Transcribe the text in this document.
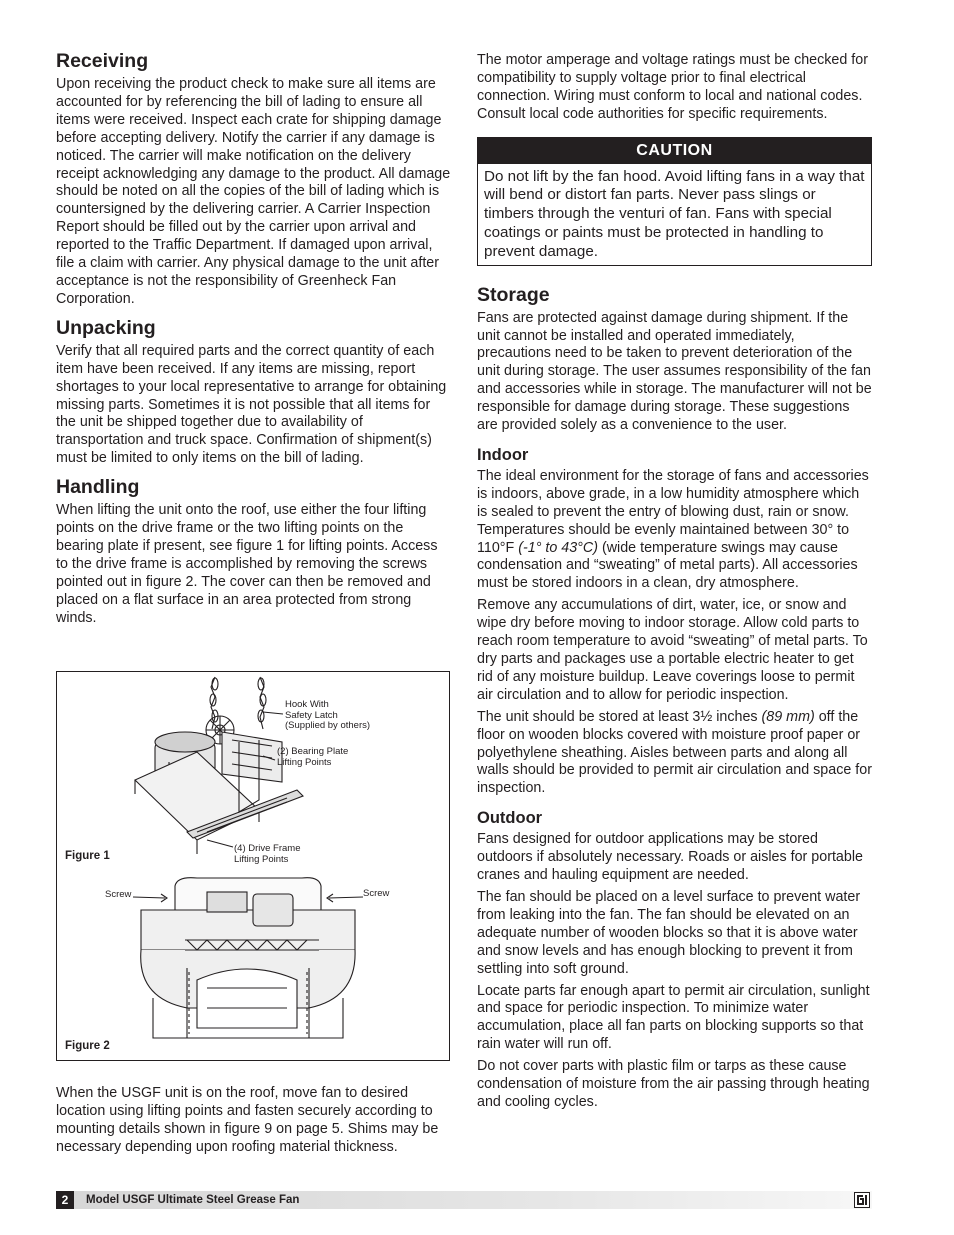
Receiving

Upon receiving the product check to make sure all items are accounted for by referencing the bill of lading to ensure all items were received. Inspect each crate for shipping damage before accepting delivery. Notify the carrier if any damage is noticed. The carrier will make notification on the delivery receipt acknowledging any damage to the product. All damage should be noted on all the copies of the bill of lading which is countersigned by the delivering carrier. A Carrier Inspection Report should be filled out by the carrier upon arrival and reported to the Traffic Department. If damaged upon arrival, file a claim with carrier. Any physical damage to the unit after acceptance is not the responsibility of Greenheck Fan Corporation.

Unpacking

Verify that all required parts and the correct quantity of each item have been received. If any items are missing, report shortages to your local representative to arrange for obtaining missing parts. Sometimes it is not possible that all items for the unit be shipped together due to availability of transportation and truck space. Confirmation of shipment(s) must be limited to only items on the bill of lading.

Handling

When lifting the unit onto the roof, use either the four lifting points on the drive frame or the two lifting points on the bearing plate if present, see figure 1 for lifting points. Access to the drive frame is accomplished by removing the screws pointed out in figure 2. The cover can then be removed and placed on a flat surface in an area protected from strong winds.

Hook With
Safety Latch
(Supplied by others)
(2) Bearing Plate
Lifting Points
(4) Drive Frame
Lifting Points
Figure 1
Screw	Screw
Figure 2

When the USGF unit is on the roof, move fan to desired location using lifting points and fasten securely according to mounting details shown in figure 9 on page 5. Shims may be necessary depending upon roofing material thickness.

The motor amperage and voltage ratings must be checked for compatibility to supply voltage prior to final electrical connection. Wiring must conform to local and national codes. Consult local code authorities for specific requirements.

CAUTION
Do not lift by the fan hood. Avoid lifting fans in a way that will bend or distort fan parts. Never pass slings or timbers through the venturi of fan. Fans with special coatings or paints must be protected in handling to prevent damage.
Storage

Fans are protected against damage during shipment. If the unit cannot be installed and operated immediately, precautions need to be taken to prevent deterioration of the unit during storage. The user assumes responsibility of the fan and accessories while in storage. The manufacturer will not be responsible for damage during storage. These suggestions are provided solely as a convenience to the user.

Indoor

The ideal environment for the storage of fans and accessories is indoors, above grade, in a low humidity atmosphere which is sealed to prevent the entry of blowing dust, rain or snow. Temperatures should be evenly maintained between 30° to 110°F (-1° to 43°C) (wide temperature swings may cause condensation and “sweating” of metal parts). All accessories must be stored indoors in a clean, dry atmosphere.

Remove any accumulations of dirt, water, ice, or snow and wipe dry before moving to indoor storage. Allow cold parts to reach room temperature to avoid “sweating” of metal parts. To dry parts and packages use a portable electric heater to get rid of any moisture buildup. Leave coverings loose to permit air circulation and to allow for periodic inspection.

The unit should be stored at least 3½ inches (89 mm) off the floor on wooden blocks covered with moisture proof paper or polyethylene sheathing. Aisles between parts and along all walls should be provided to permit air circulation and space for inspection.

Outdoor

Fans designed for outdoor applications may be stored outdoors if absolutely necessary. Roads or aisles for portable cranes and hauling equipment are needed.

The fan should be placed on a level surface to prevent water from leaking into the fan. The fan should be elevated on an adequate number of wooden blocks so that it is above water and snow levels and has enough blocking to prevent it from settling into soft ground.

Locate parts far enough apart to permit air circulation, sunlight and space for periodic inspection. To minimize water accumulation, place all fan parts on blocking supports so that rain water will run off.

Do not cover parts with plastic film or tarps as these cause condensation of moisture from the air passing through heating and cooling cycles.

2	Model USGF Ultimate Steel Grease Fan
